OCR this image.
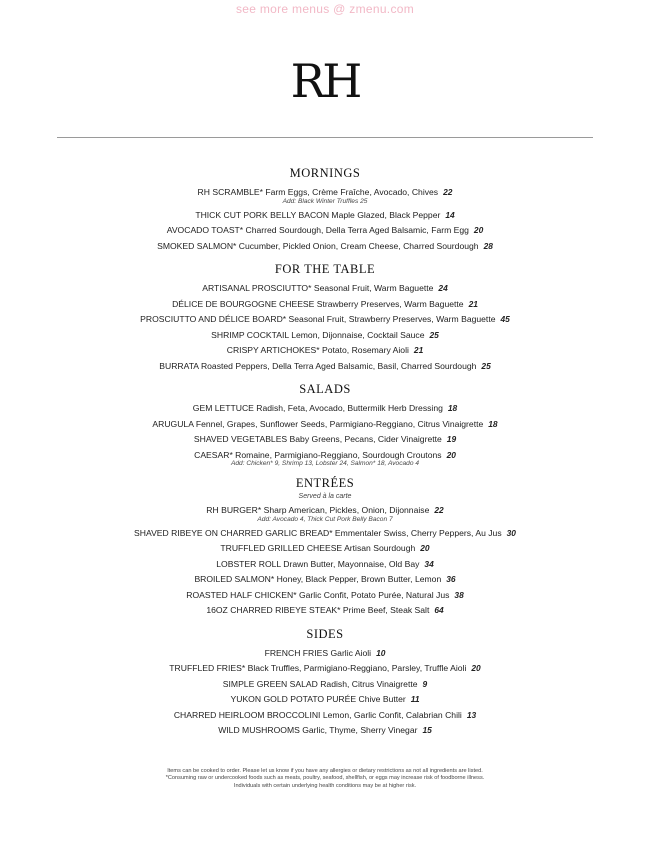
see more menus @ zmenu.com
RH
MORNINGS
RH SCRAMBLE* Farm Eggs, Crème Fraîche, Avocado, Chives 22
Add: Black Winter Truffles 25
THICK CUT PORK BELLY BACON Maple Glazed, Black Pepper 14
AVOCADO TOAST* Charred Sourdough, Della Terra Aged Balsamic, Farm Egg 20
SMOKED SALMON* Cucumber, Pickled Onion, Cream Cheese, Charred Sourdough 28
FOR THE TABLE
ARTISANAL PROSCIUTTO* Seasonal Fruit, Warm Baguette 24
DÉLICE DE BOURGOGNE CHEESE Strawberry Preserves, Warm Baguette 21
PROSCIUTTO AND DÉLICE BOARD* Seasonal Fruit, Strawberry Preserves, Warm Baguette 45
SHRIMP COCKTAIL Lemon, Dijonnaise, Cocktail Sauce 25
CRISPY ARTICHOKES* Potato, Rosemary Aioli 21
BURRATA Roasted Peppers, Della Terra Aged Balsamic, Basil, Charred Sourdough 25
SALADS
GEM LETTUCE Radish, Feta, Avocado, Buttermilk Herb Dressing 18
ARUGULA Fennel, Grapes, Sunflower Seeds, Parmigiano-Reggiano, Citrus Vinaigrette 18
SHAVED VEGETABLES Baby Greens, Pecans, Cider Vinaigrette 19
CAESAR* Romaine, Parmigiano-Reggiano, Sourdough Croutons 20
Add: Chicken* 9, Shrimp 13, Lobster 24, Salmon* 18, Avocado 4
ENTRÉES
Served à la carte
RH BURGER* Sharp American, Pickles, Onion, Dijonnaise 22
Add: Avocado 4, Thick Cut Pork Belly Bacon 7
SHAVED RIBEYE ON CHARRED GARLIC BREAD* Emmentaler Swiss, Cherry Peppers, Au Jus 30
TRUFFLED GRILLED CHEESE Artisan Sourdough 20
LOBSTER ROLL Drawn Butter, Mayonnaise, Old Bay 34
BROILED SALMON* Honey, Black Pepper, Brown Butter, Lemon 36
ROASTED HALF CHICKEN* Garlic Confit, Potato Purée, Natural Jus 38
16OZ CHARRED RIBEYE STEAK* Prime Beef, Steak Salt 64
SIDES
FRENCH FRIES Garlic Aioli 10
TRUFFLED FRIES* Black Truffles, Parmigiano-Reggiano, Parsley, Truffle Aioli 20
SIMPLE GREEN SALAD Radish, Citrus Vinaigrette 9
YUKON GOLD POTATO PURÉE Chive Butter 11
CHARRED HEIRLOOM BROCCOLINI Lemon, Garlic Confit, Calabrian Chili 13
WILD MUSHROOMS Garlic, Thyme, Sherry Vinegar 15
Items can be cooked to order. Please let us know if you have any allergies or dietary restrictions as not all ingredients are listed.
*Consuming raw or undercooked foods such as meats, poultry, seafood, shellfish, or eggs may increase risk of foodborne illness.
Individuals with certain underlying health conditions may be at higher risk.
